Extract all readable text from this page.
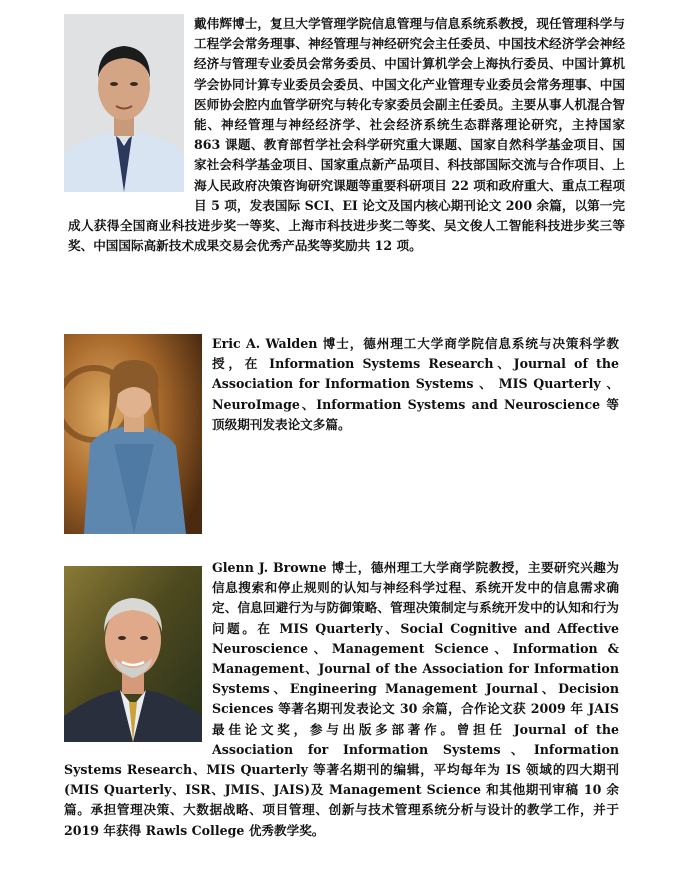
戴伟辉博士，复旦大学管理学院信息管理与信息系统系教授，现任管理科学与工程学会常务理事、神经管理与神经研究会主任委员、中国技术经济学会神经经济与管理专业委员会常务委员、中国计算机学会上海执行委员、中国计算机学会协同计算专业委员会委员、中国文化产业管理专业委员会常务理事、中国医师协会腔内血管学研究与转化专家委员会副主任委员。主要从事人机混合智能、神经管理与神经经济学、社会经济系统生态群落理论研究，主持国家 863 课题、教育部哲学社会科学研究重大课题、国家自然科学基金项目、国家社会科学基金项目、国家重点新产品项目、科技部国际交流与合作项目、上海人民政府决策咨询研究课题等重要科研项目 22 项和政府重大、重点工程项目 5 项，发表国际 SCI、EI 论文及国内核心期刊论文 200 余篇，以第一完成人获得全国商业科技进步奖一等奖、上海市科技进步奖二等奖、吴文俊人工智能科技进步奖三等奖、中国国际高新技术成果交易会优秀产品奖等奖励共 12 项。

Eric A. Walden 博士，德州理工大学商学院信息系统与决策科学教授，在 Information Systems Research、Journal of the Association for Information Systems 、 MIS Quarterly 、 NeuroImage、Information Systems and Neuroscience 等顶级期刊发表论文多篇。

Glenn J. Browne 博士，德州理工大学商学院教授，主要研究兴趣为信息搜索和停止规则的认知与神经科学过程、系统开发中的信息需求确定、信息回避行为与防御策略、管理决策制定与系统开发中的认知和行为问题。在 MIS Quarterly、Social Cognitive and Affective Neuroscience、Management Science、Information & Management、Journal of the Association for Information Systems、Engineering Management Journal、Decision Sciences 等著名期刊发表论文 30 余篇，合作论文获 2009 年 JAIS 最佳论文奖，参与出版多部著作。曾担任 Journal of the Association for Information Systems、Information Systems Research、MIS Quarterly 等著名期刊的编辑，平均每年为 IS 领域的四大期刊(MIS Quarterly、ISR、JMIS、JAIS)及 Management Science 和其他期刊审稿 10 余篇。承担管理决策、大数据战略、项目管理、创新与技术管理系统分析与设计的教学工作，并于 2019 年获得 Rawls College 优秀教学奖。
